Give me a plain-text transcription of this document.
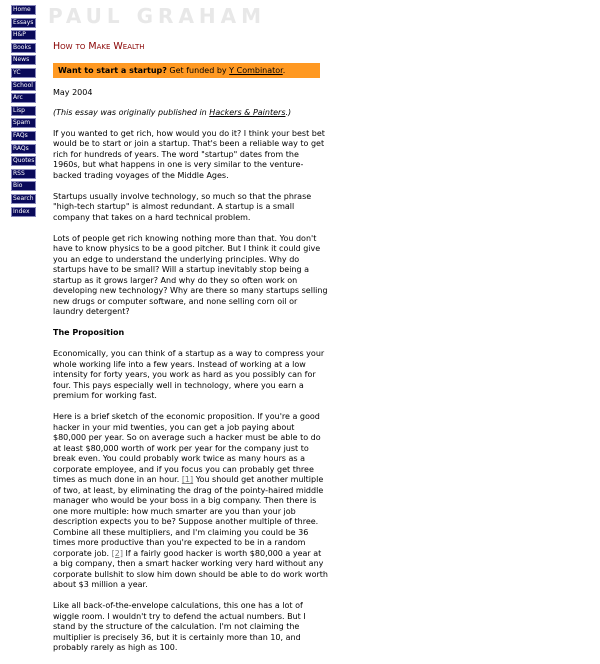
Home
Essays
H&P
Books
News
YC
School
Arc
Lisp
Spam
FAQs
RAQs
Quotes
RSS
Bio
Search
Index
PAUL GRAHAM
How to Make Wealth
Want to start a startup? Get funded by Y Combinator.

May 2004

(This essay was originally published in Hackers & Painters.)

If you wanted to get rich, how would you do it? I think your best bet would be to start or join a startup. That's been a reliable way to get rich for hundreds of years. The word "startup" dates from the 1960s, but what happens in one is very similar to the venture-backed trading voyages of the Middle Ages.

Startups usually involve technology, so much so that the phrase "high-tech startup" is almost redundant. A startup is a small company that takes on a hard technical problem.

Lots of people get rich knowing nothing more than that. You don't have to know physics to be a good pitcher. But I think it could give you an edge to understand the underlying principles. Why do startups have to be small? Will a startup inevitably stop being a startup as it grows larger? And why do they so often work on developing new technology? Why are there so many startups selling new drugs or computer software, and none selling corn oil or laundry detergent?

The Proposition

Economically, you can think of a startup as a way to compress your whole working life into a few years. Instead of working at a low intensity for forty years, you work as hard as you possibly can for four. This pays especially well in technology, where you earn a premium for working fast.

Here is a brief sketch of the economic proposition. If you're a good hacker in your mid twenties, you can get a job paying about $80,000 per year. So on average such a hacker must be able to do at least $80,000 worth of work per year for the company just to break even. You could probably work twice as many hours as a corporate employee, and if you focus you can probably get three times as much done in an hour. [1] You should get another multiple of two, at least, by eliminating the drag of the pointy-haired middle manager who would be your boss in a big company. Then there is one more multiple: how much smarter are you than your job description expects you to be? Suppose another multiple of three. Combine all these multipliers, and I'm claiming you could be 36 times more productive than you're expected to be in a random corporate job. [2] If a fairly good hacker is worth $80,000 a year at a big company, then a smart hacker working very hard without any corporate bullshit to slow him down should be able to do work worth about $3 million a year.

Like all back-of-the-envelope calculations, this one has a lot of wiggle room. I wouldn't try to defend the actual numbers. But I stand by the structure of the calculation. I'm not claiming the multiplier is precisely 36, but it is certainly more than 10, and probably rarely as high as 100.
